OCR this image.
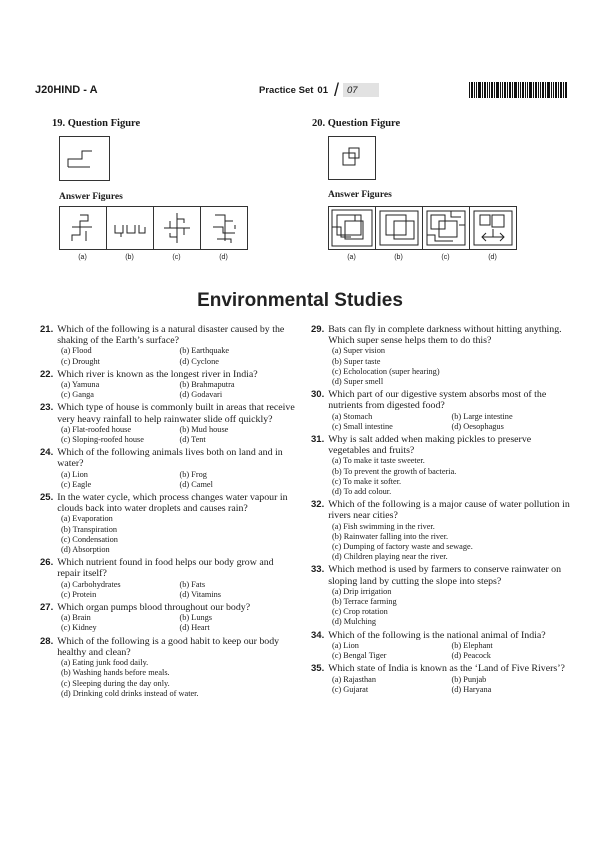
J20HIND - A	Practice Set 01 / 07
19. Question Figure
Answer Figures
(a)	(b)	(c)	(d)
20. Question Figure
Answer Figures
(a)	(b)	(c)	(d)
Environmental Studies
21. Which of the following is a natural disaster caused by the shaking of the Earth’s surface?
(a) Flood	(b) Earthquake
(c) Drought	(d) Cyclone
22. Which river is known as the longest river in India?
(a) Yamuna	(b) Brahmaputra
(c) Ganga	(d) Godavari
23. Which type of house is commonly built in areas that receive very heavy rainfall to help rainwater slide off quickly?
(a) Flat-roofed house	(b) Mud house
(c) Sloping-roofed house	(d) Tent
24. Which of the following animals lives both on land and in water?
(a) Lion	(b) Frog
(c) Eagle	(d) Camel
25. In the water cycle, which process changes water vapour in clouds back into water droplets and causes rain?
(a) Evaporation
(b) Transpiration
(c) Condensation
(d) Absorption
26. Which nutrient found in food helps our body grow and repair itself?
(a) Carbohydrates	(b) Fats
(c) Protein	(d) Vitamins
27. Which organ pumps blood throughout our body?
(a) Brain	(b) Lungs
(c) Kidney	(d) Heart
28. Which of the following is a good habit to keep our body healthy and clean?
(a) Eating junk food daily.
(b) Washing hands before meals.
(c) Sleeping during the day only.
(d) Drinking cold drinks instead of water.
29. Bats can fly in complete darkness without hitting anything. Which super sense helps them to do this?
(a) Super vision
(b) Super taste
(c) Echolocation (super hearing)
(d) Super smell
30. Which part of our digestive system absorbs most of the nutrients from digested food?
(a) Stomach	(b) Large intestine
(c) Small intestine	(d) Oesophagus
31. Why is salt added when making pickles to preserve vegetables and fruits?
(a) To make it taste sweeter.
(b) To prevent the growth of bacteria.
(c) To make it softer.
(d) To add colour.
32. Which of the following is a major cause of water pollution in rivers near cities?
(a) Fish swimming in the river.
(b) Rainwater falling into the river.
(c) Dumping of factory waste and sewage.
(d) Children playing near the river.
33. Which method is used by farmers to conserve rainwater on sloping land by cutting the slope into steps?
(a) Drip irrigation
(b) Terrace farming
(c) Crop rotation
(d) Mulching
34. Which of the following is the national animal of India?
(a) Lion	(b) Elephant
(c) Bengal Tiger	(d) Peacock
35. Which state of India is known as the ‘Land of Five Rivers’?
(a) Rajasthan	(b) Punjab
(c) Gujarat	(d) Haryana
